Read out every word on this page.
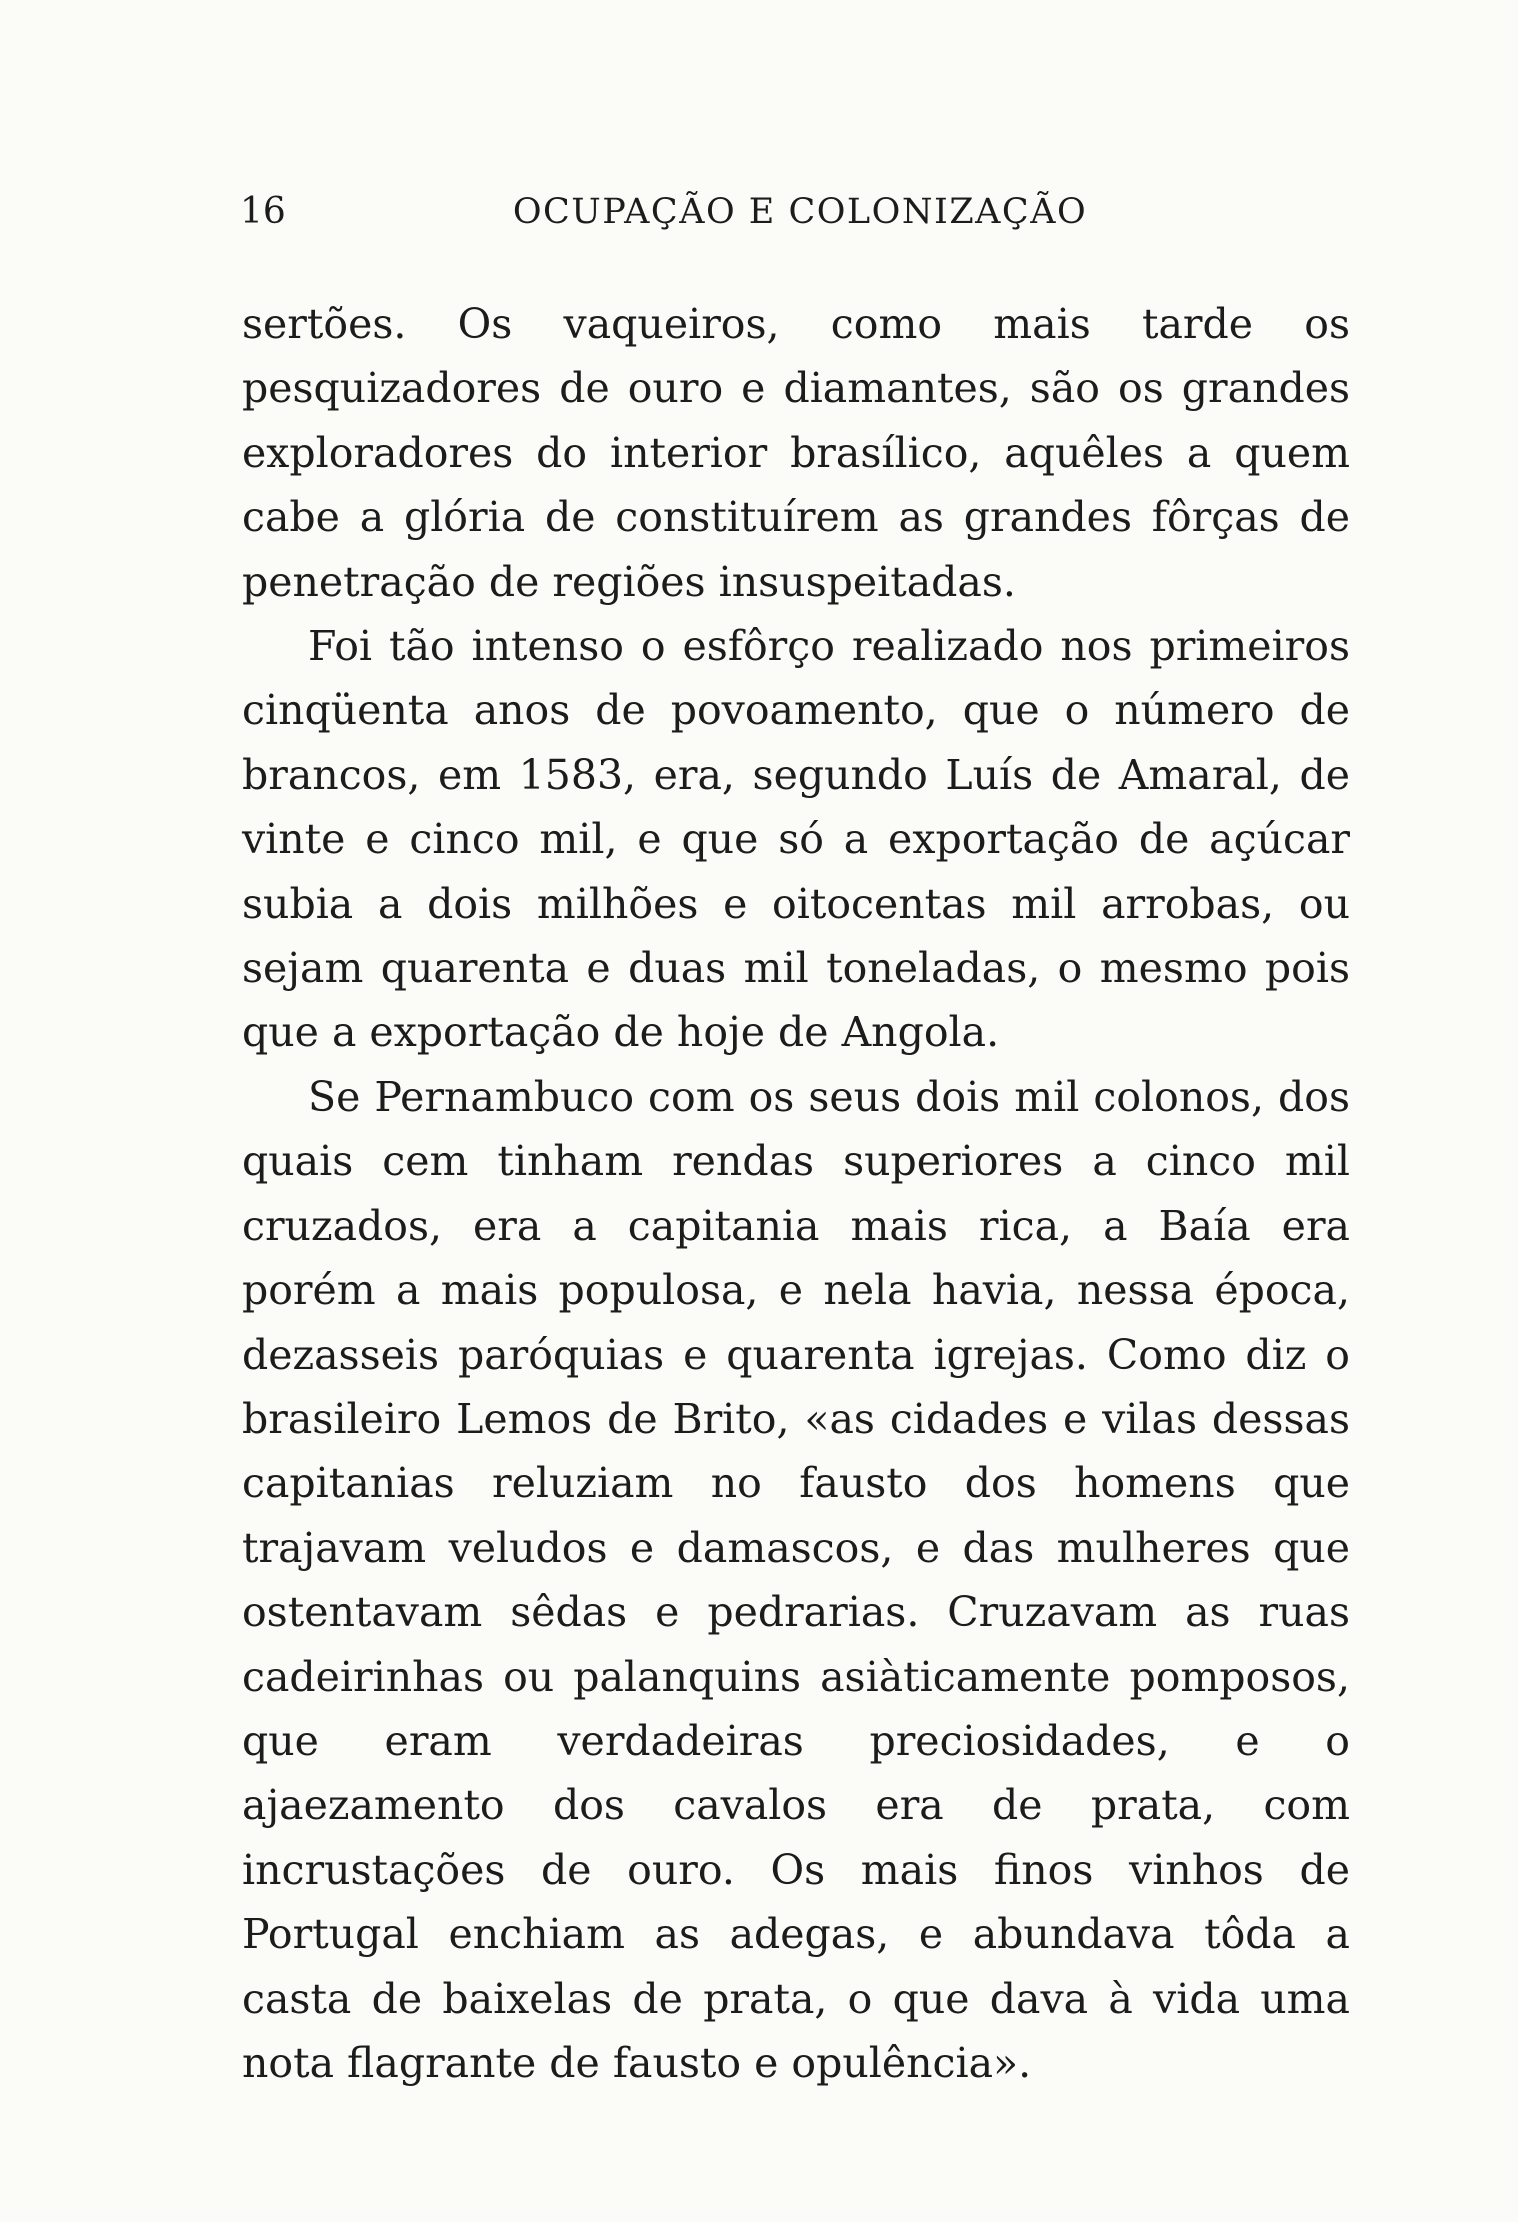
16	OCUPAÇÃO E COLONIZAÇÃO

sertões. Os vaqueiros, como mais tarde os pesquizadores de ouro e diamantes, são os grandes exploradores do interior brasílico, aquêles a quem cabe a glória de constituírem as grandes fôrças de penetração de regiões insuspeitadas.

Foi tão intenso o esfôrço realizado nos primeiros cinqüenta anos de povoamento, que o número de brancos, em 1583, era, segundo Luís de Amaral, de vinte e cinco mil, e que só a exportação de açúcar subia a dois milhões e oitocentas mil arrobas, ou sejam quarenta e duas mil toneladas, o mesmo pois que a exportação de hoje de Angola.

Se Pernambuco com os seus dois mil colonos, dos quais cem tinham rendas superiores a cinco mil cruzados, era a capitania mais rica, a Baía era porém a mais populosa, e nela havia, nessa época, dezasseis paróquias e quarenta igrejas. Como diz o brasileiro Lemos de Brito, «as cidades e vilas dessas capitanias reluziam no fausto dos homens que trajavam veludos e damascos, e das mulheres que ostentavam sêdas e pedrarias. Cruzavam as ruas cadeirinhas ou palanquins asiàticamente pomposos, que eram verdadeiras preciosidades, e o ajaezamento dos cavalos era de prata, com incrustações de ouro. Os mais finos vinhos de Portugal enchiam as adegas, e abundava tôda a casta de baixelas de prata, o que dava à vida uma nota flagrante de fausto e opulência».
